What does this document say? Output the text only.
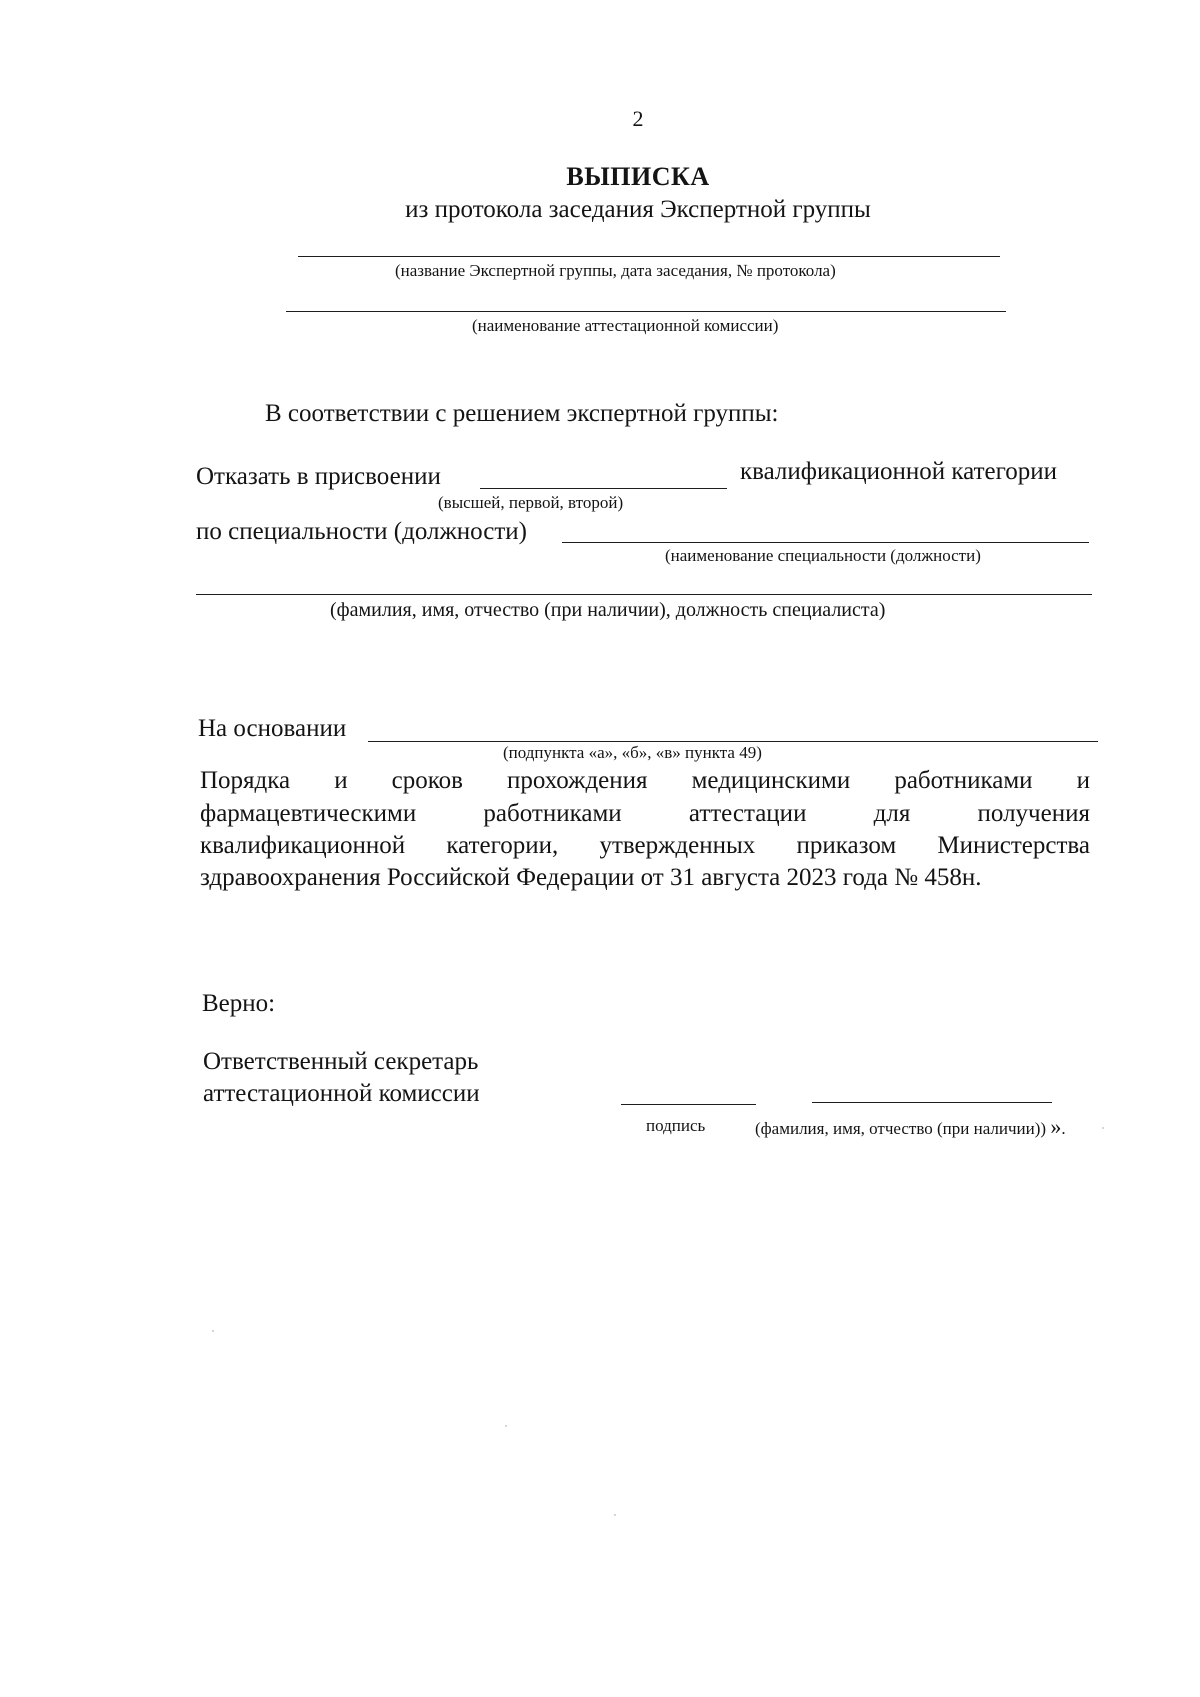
2
ВЫПИСКА
из протокола заседания Экспертной группы
(название Экспертной группы, дата заседания, № протокола)
(наименование аттестационной комиссии)
В соответствии с решением экспертной группы:
Отказать в присвоении	квалификационной категории
(высшей, первой, второй)
по специальности (должности)
(наименование специальности (должности)
(фамилия, имя, отчество (при наличии), должность специалиста)
На основании
(подпункта «а», «б», «в» пункта 49)
Порядка и сроков прохождения медицинскими работниками и
фармацевтическими работниками аттестации для получения
квалификационной категории, утвержденных приказом Министерства
здравоохранения Российской Федерации от 31 августа 2023 года № 458н.
Верно:
Ответственный секретарь
аттестационной комиссии
подпись	(фамилия, имя, отчество (при наличии)) ».
